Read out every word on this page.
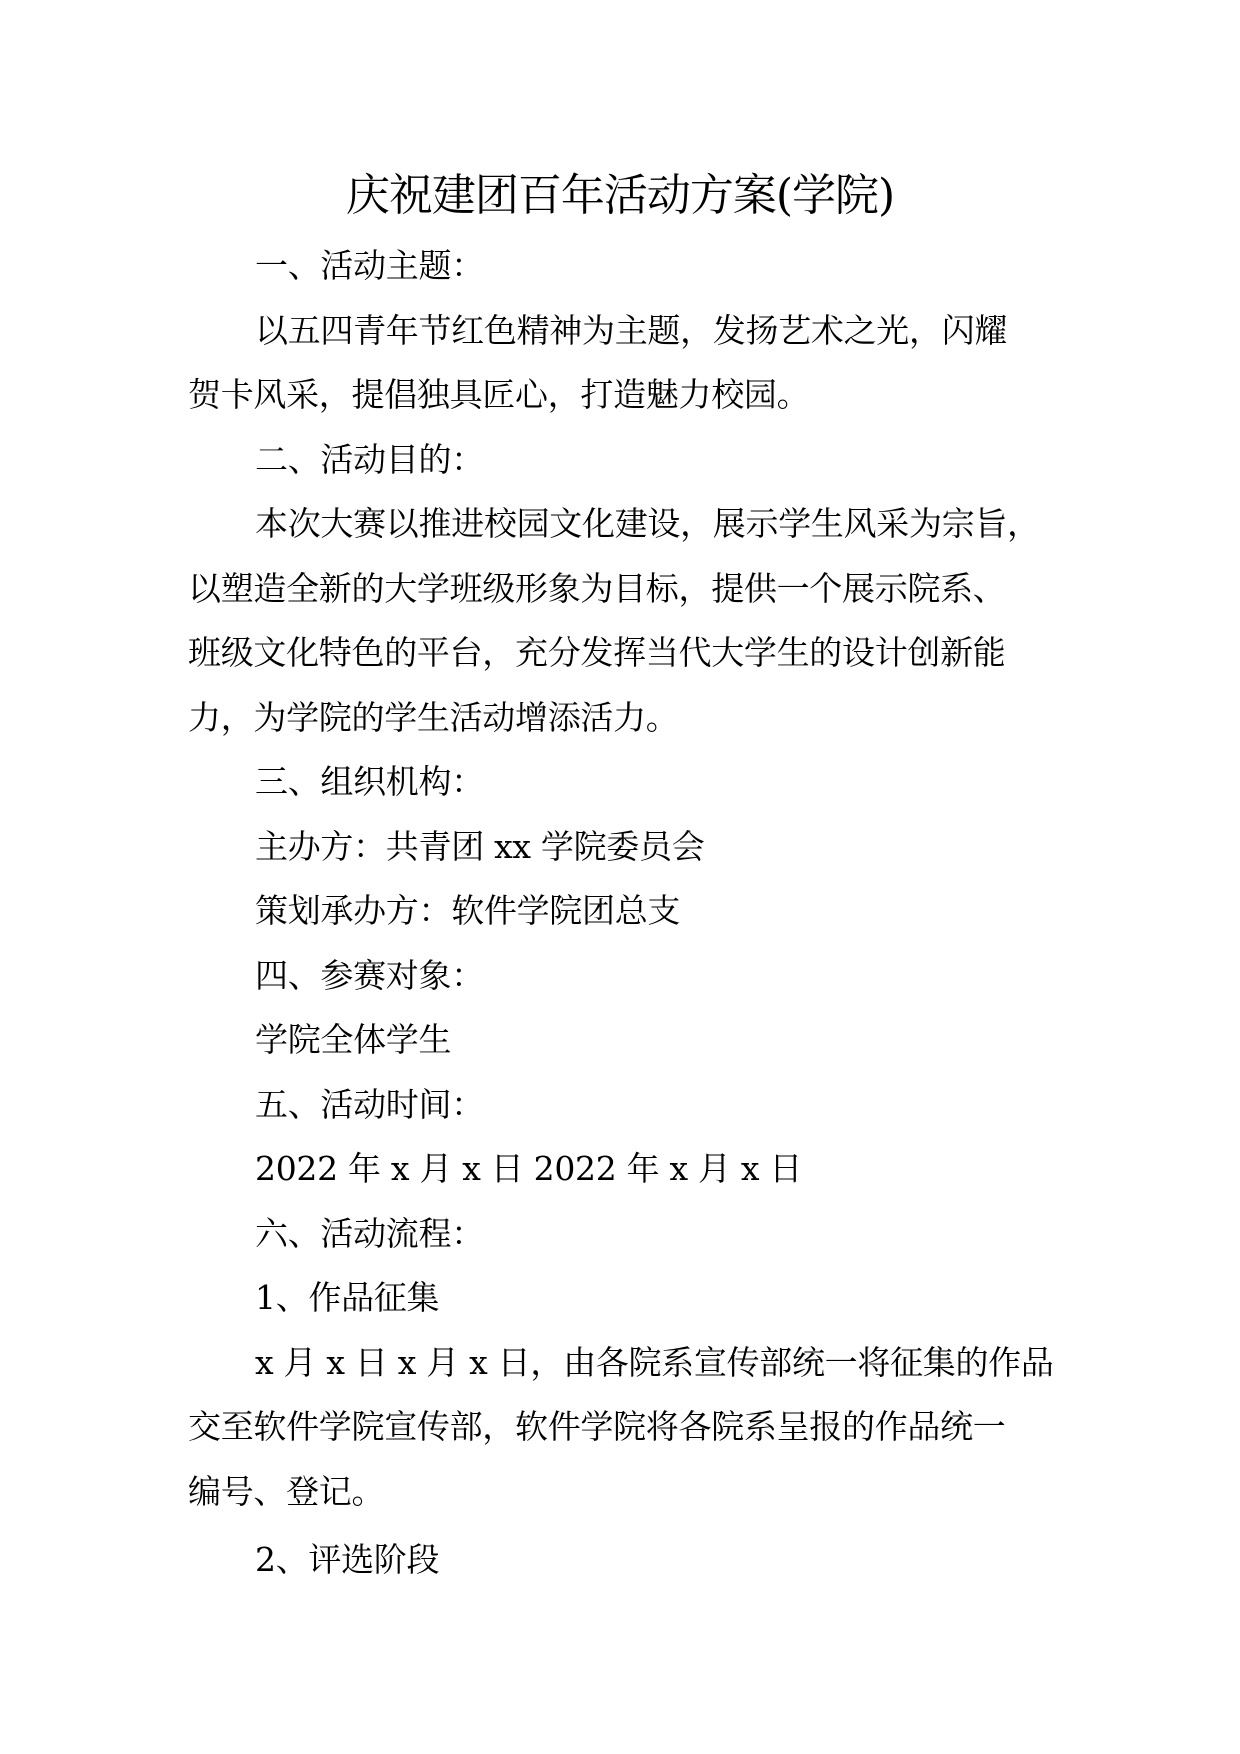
庆祝建团百年活动方案(学院)
一、活动主题：
以五四青年节红色精神为主题，发扬艺术之光，闪耀
贺卡风采，提倡独具匠心，打造魅力校园。
二、活动目的：
本次大赛以推进校园文化建设，展示学生风采为宗旨，
以塑造全新的大学班级形象为目标，提供一个展示院系、
班级文化特色的平台，充分发挥当代大学生的设计创新能
力，为学院的学生活动增添活力。
三、组织机构：
主办方：共青团 xx 学院委员会
策划承办方：软件学院团总支
四、参赛对象：
学院全体学生
五、活动时间：
2022 年 x 月 x 日 2022 年 x 月 x 日
六、活动流程：
1、作品征集
x 月 x 日 x 月 x 日，由各院系宣传部统一将征集的作品
交至软件学院宣传部，软件学院将各院系呈报的作品统一
编号、登记。
2、评选阶段
